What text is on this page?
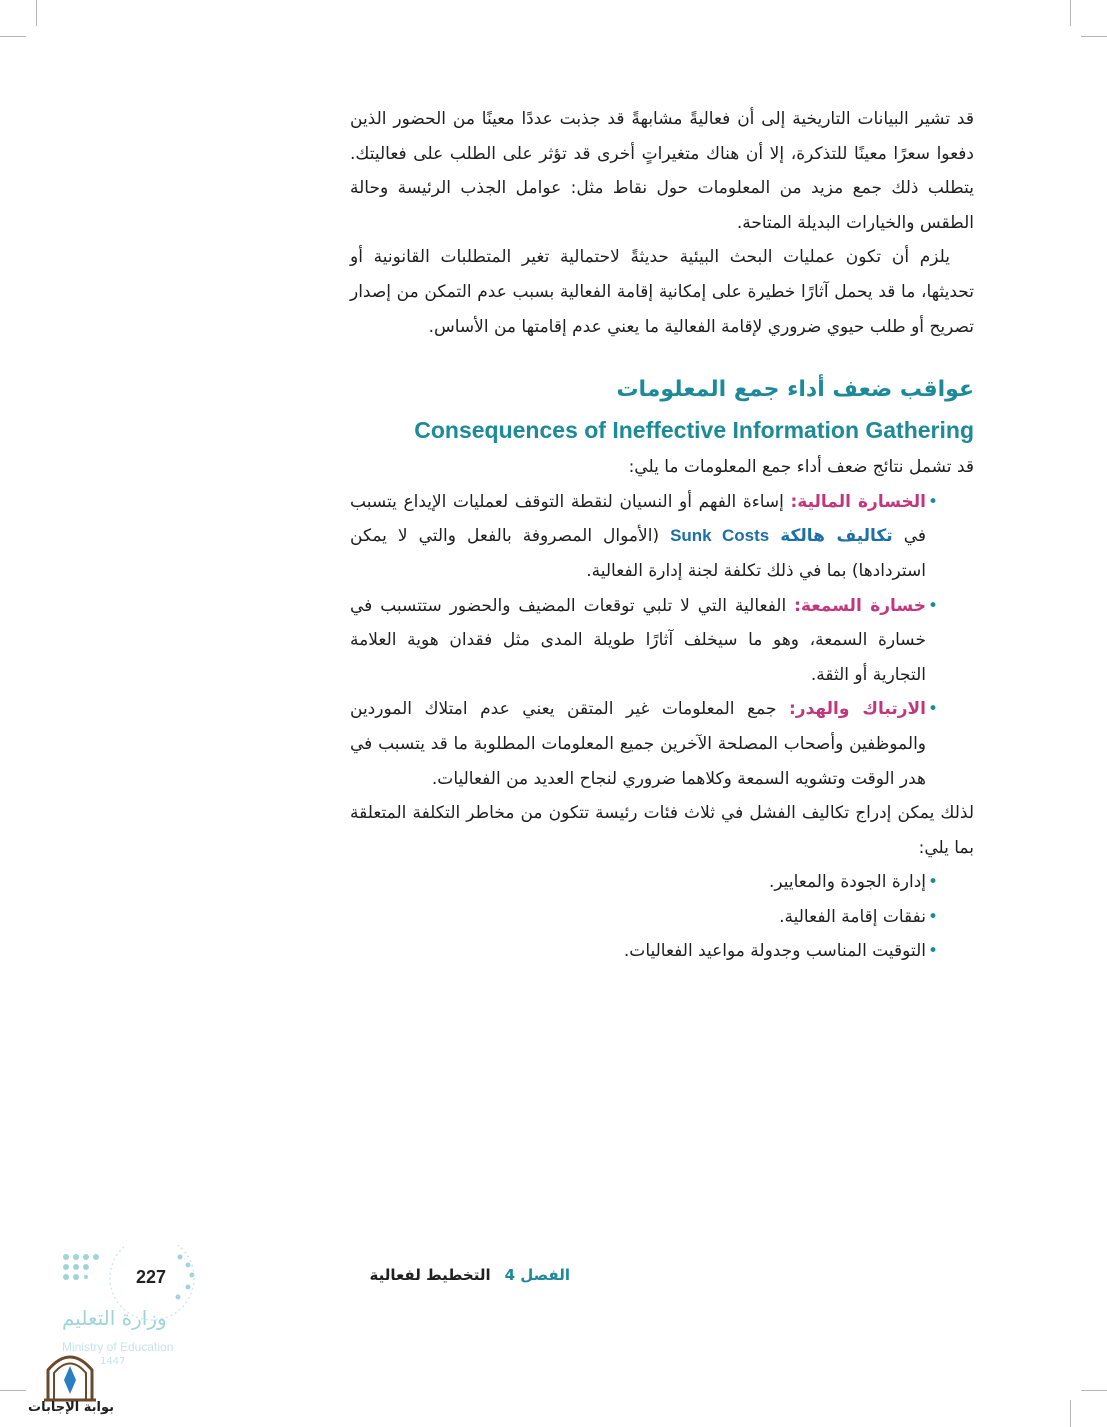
قد تشير البيانات التاريخية إلى أن فعاليةً مشابهةً قد جذبت عددًا معينًا من الحضور الذين دفعوا سعرًا معينًا للتذكرة، إلا أن هناك متغيراتٍ أخرى قد تؤثر على الطلب على فعاليتك. يتطلب ذلك جمع مزيد من المعلومات حول نقاط مثل: عوامل الجذب الرئيسة وحالة الطقس والخيارات البديلة المتاحة.

يلزم أن تكون عمليات البحث البيئية حديثةً لاحتمالية تغير المتطلبات القانونية أو تحديثها، ما قد يحمل آثارًا خطيرة على إمكانية إقامة الفعالية بسبب عدم التمكن من إصدار تصريح أو طلب حيوي ضروري لإقامة الفعالية ما يعني عدم إقامتها من الأساس.

عواقب ضعف أداء جمع المعلومات
Consequences of Ineffective Information Gathering

قد تشمل نتائج ضعف أداء جمع المعلومات ما يلي:

• الخسارة المالية: إساءة الفهم أو النسيان لنقطة التوقف لعمليات الإيداع يتسبب في تكاليف هالكة Sunk Costs (الأموال المصروفة بالفعل والتي لا يمكن استردادها) بما في ذلك تكلفة لجنة إدارة الفعالية.
• خسارة السمعة: الفعالية التي لا تلبي توقعات المضيف والحضور ستتسبب في خسارة السمعة، وهو ما سيخلف آثارًا طويلة المدى مثل فقدان هوية العلامة التجارية أو الثقة.
• الارتباك والهدر: جمع المعلومات غير المتقن يعني عدم امتلاك الموردين والموظفين وأصحاب المصلحة الآخرين جميع المعلومات المطلوبة ما قد يتسبب في هدر الوقت وتشويه السمعة وكلاهما ضروري لنجاح العديد من الفعاليات.

لذلك يمكن إدراج تكاليف الفشل في ثلاث فئات رئيسة تتكون من مخاطر التكلفة المتعلقة بما يلي:

• إدارة الجودة والمعايير.
• نفقات إقامة الفعالية.
• التوقيت المناسب وجدولة مواعيد الفعاليات.
الفصل 4
التخطيط لفعالية
227
وزارة التعليم
Ministry of Education
1447
بوابة الإجابات
